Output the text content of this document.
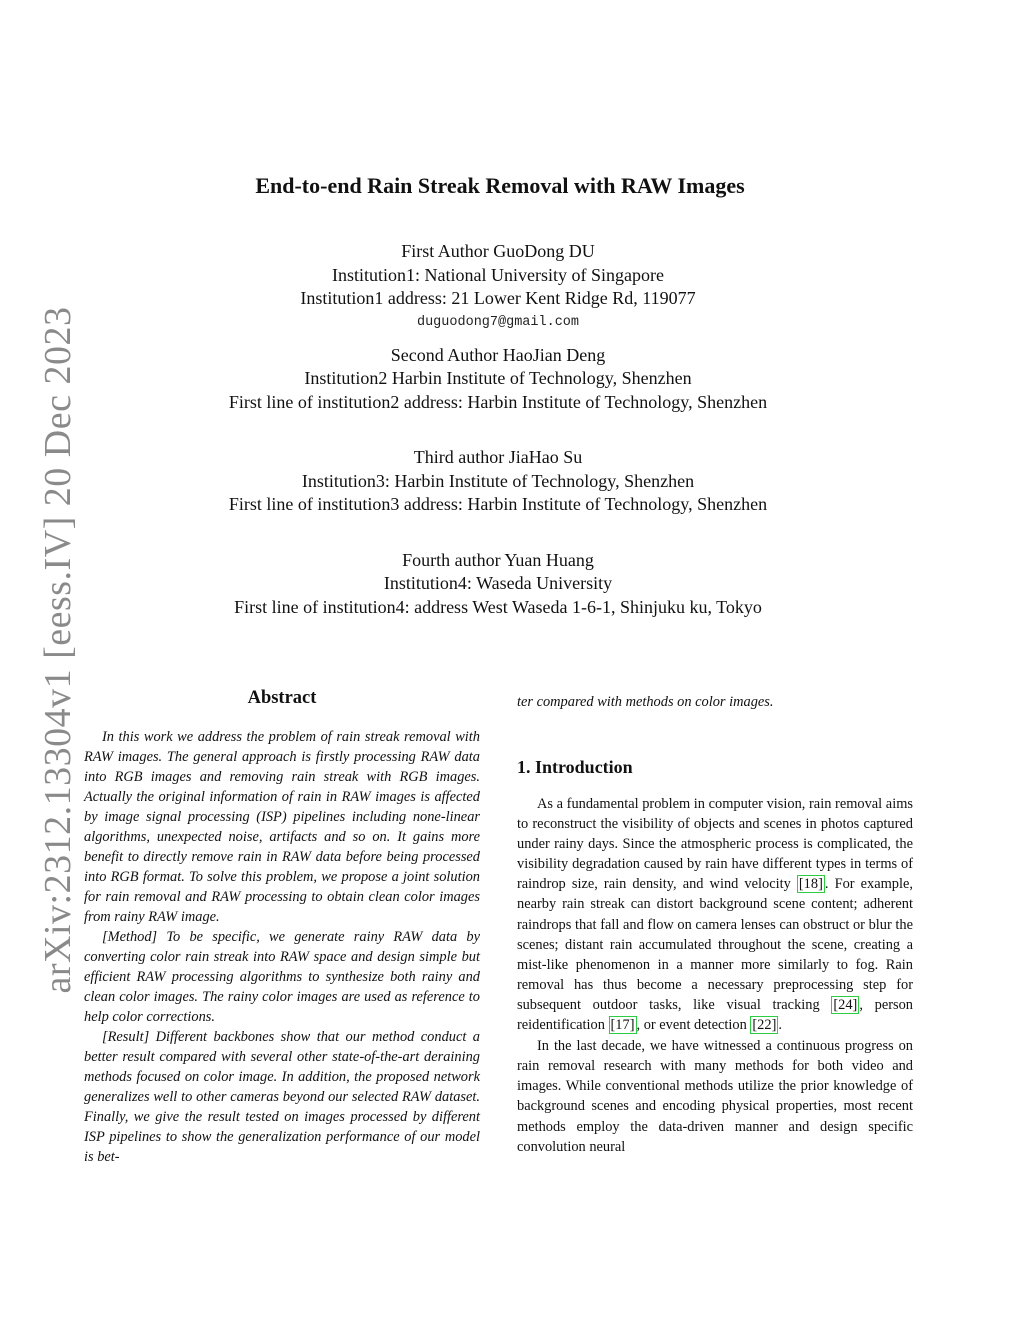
arXiv:2312.13304v1 [eess.IV] 20 Dec 2023
End-to-end Rain Streak Removal with RAW Images
First Author GuoDong DU
Institution1: National University of Singapore
Institution1 address: 21 Lower Kent Ridge Rd, 119077
duguodong7@gmail.com
Second Author HaoJian Deng
Institution2 Harbin Institute of Technology, Shenzhen
First line of institution2 address: Harbin Institute of Technology, Shenzhen
Third author JiaHao Su
Institution3: Harbin Institute of Technology, Shenzhen
First line of institution3 address: Harbin Institute of Technology, Shenzhen
Fourth author Yuan Huang
Institution4: Waseda University
First line of institution4: address West Waseda 1-6-1, Shinjuku ku, Tokyo
Abstract

In this work we address the problem of rain streak removal with RAW images. The general approach is firstly processing RAW data into RGB images and removing rain streak with RGB images. Actually the original information of rain in RAW images is affected by image signal processing (ISP) pipelines including none-linear algorithms, unexpected noise, artifacts and so on. It gains more benefit to directly remove rain in RAW data before being processed into RGB format. To solve this problem, we propose a joint solution for rain removal and RAW processing to obtain clean color images from rainy RAW image.

[Method] To be specific, we generate rainy RAW data by converting color rain streak into RAW space and design simple but efficient RAW processing algorithms to synthesize both rainy and clean color images. The rainy color images are used as reference to help color corrections.

[Result] Different backbones show that our method conduct a better result compared with several other state-of-the-art deraining methods focused on color image. In addition, the proposed network generalizes well to other cameras beyond our selected RAW dataset. Finally, we give the result tested on images processed by different ISP pipelines to show the generalization performance of our model is bet-

ter compared with methods on color images.

1. Introduction

As a fundamental problem in computer vision, rain removal aims to reconstruct the visibility of objects and scenes in photos captured under rainy days. Since the atmospheric process is complicated, the visibility degradation caused by rain have different types in terms of raindrop size, rain density, and wind velocity [18] . For example, nearby rain streak can distort background scene content; adherent raindrops that fall and flow on camera lenses can obstruct or blur the scenes; distant rain accumulated throughout the scene, creating a mist-like phenomenon in a manner more similarly to fog. Rain removal has thus become a necessary preprocessing step for subsequent outdoor tasks, like visual tracking [24] , person reidentification [17] , or event detection [22] .

In the last decade, we have witnessed a continuous progress on rain removal research with many methods for both video and images. While conventional methods utilize the prior knowledge of background scenes and encoding physical properties, most recent methods employ the data-driven manner and design specific convolution neural
